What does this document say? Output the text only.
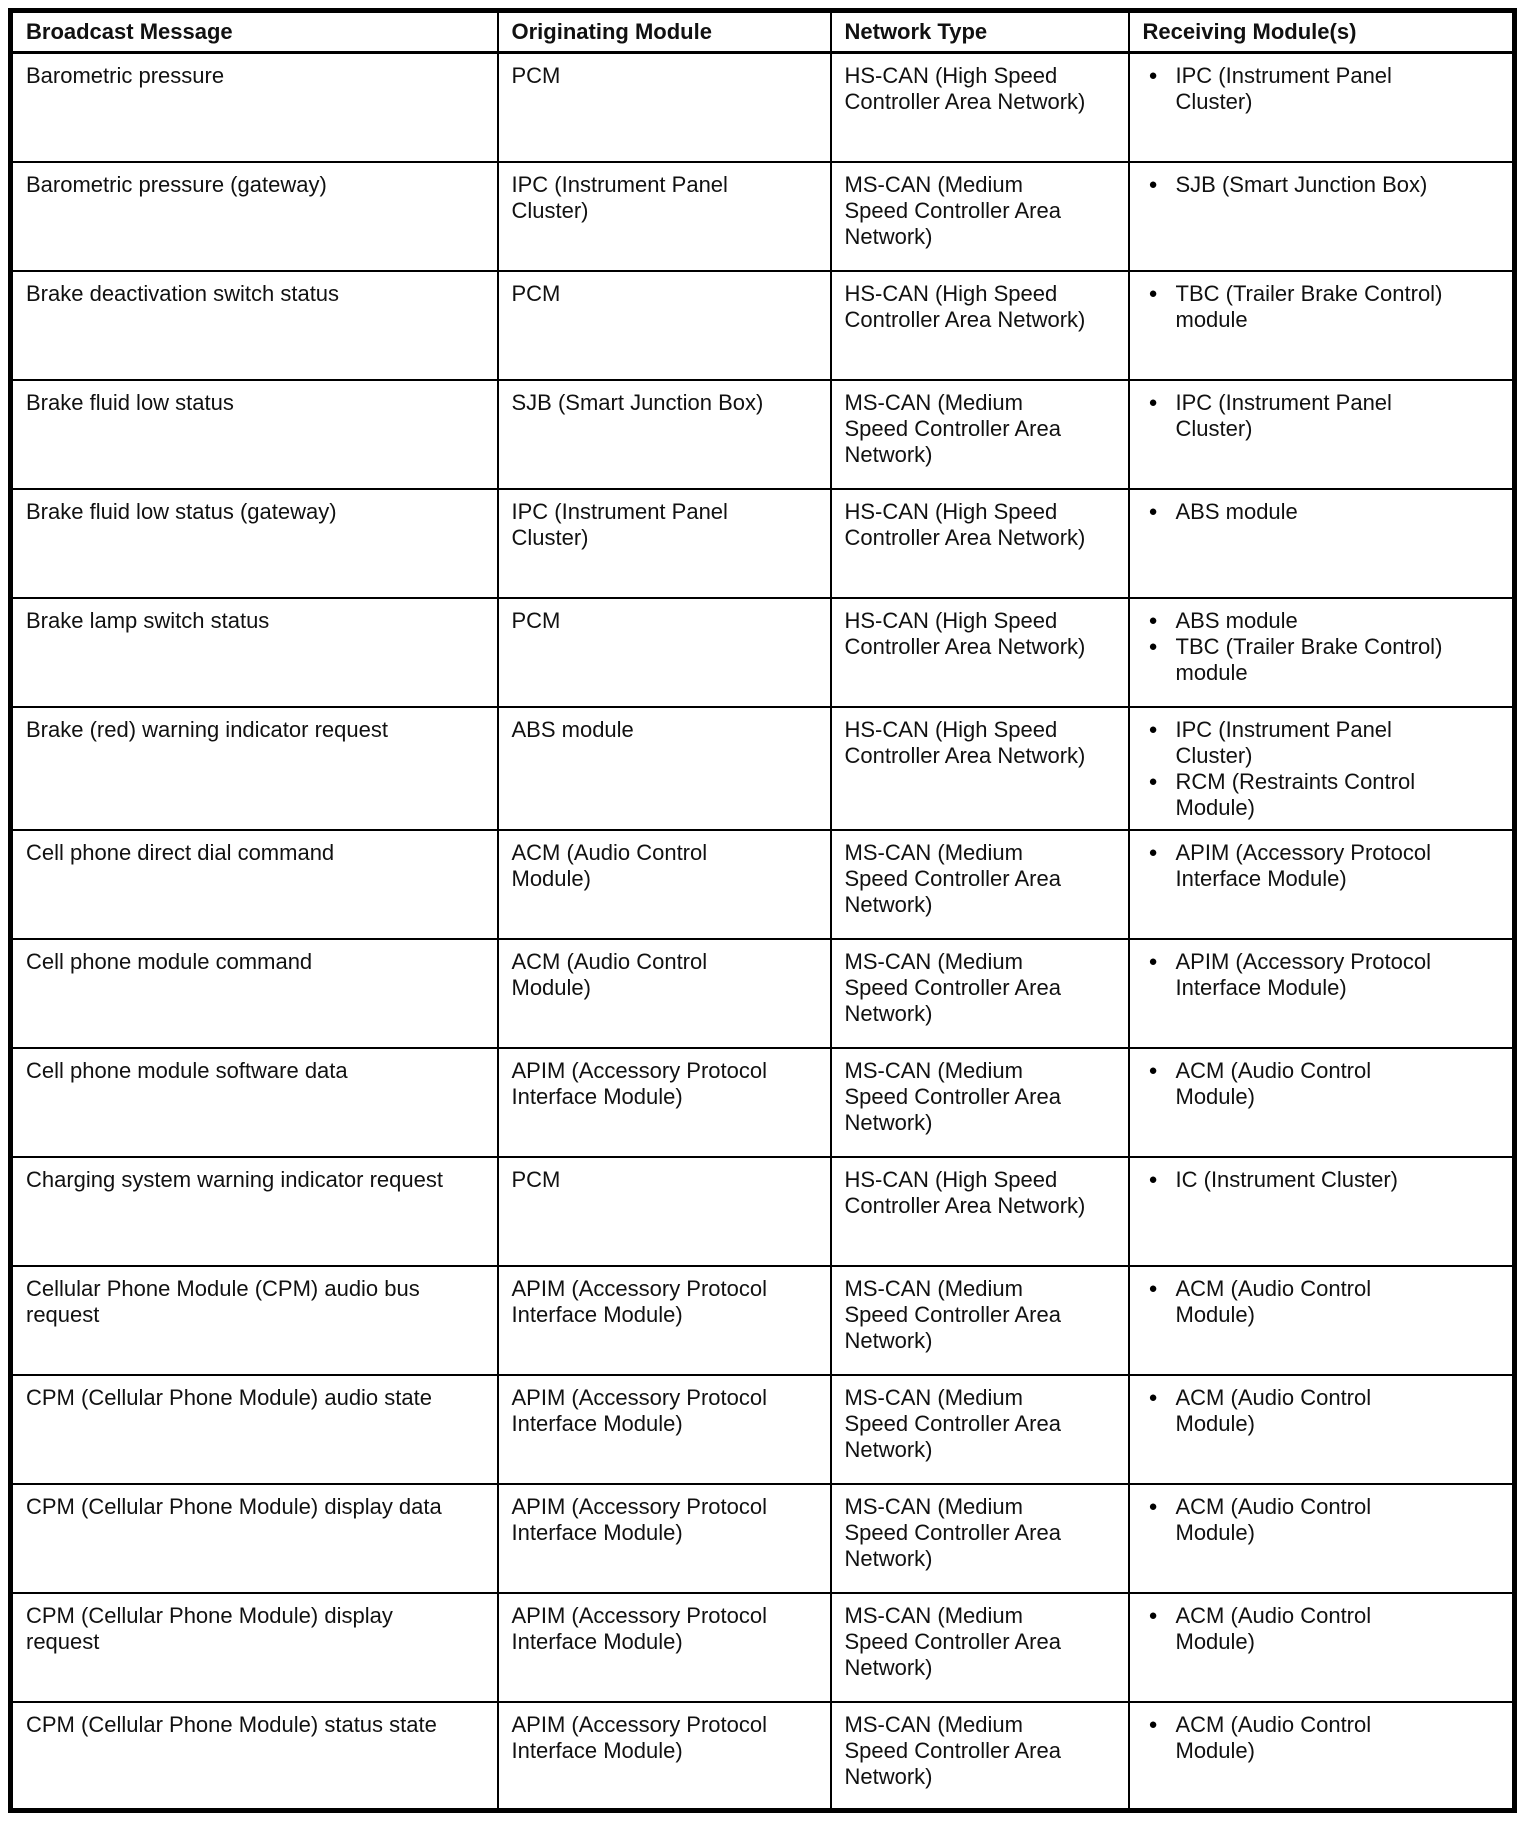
Broadcast Message	Originating Module	Network Type	Receiving Module(s)
Barometric pressure	PCM	HS-CAN (High Speed Controller Area Network)	
● IPC (Instrument Panel Cluster)

Barometric pressure (gateway)	IPC (Instrument Panel Cluster)	MS-CAN (Medium Speed Controller Area Network)	
● SJB (Smart Junction Box)

Brake deactivation switch status	PCM	HS-CAN (High Speed Controller Area Network)	
● TBC (Trailer Brake Control) module

Brake fluid low status	SJB (Smart Junction Box)	MS-CAN (Medium Speed Controller Area Network)	
● IPC (Instrument Panel Cluster)

Brake fluid low status (gateway)	IPC (Instrument Panel Cluster)	HS-CAN (High Speed Controller Area Network)	
● ABS module

Brake lamp switch status	PCM	HS-CAN (High Speed Controller Area Network)	
● ABS module
● TBC (Trailer Brake Control) module

Brake (red) warning indicator request	ABS module	HS-CAN (High Speed Controller Area Network)	
● IPC (Instrument Panel Cluster)
● RCM (Restraints Control Module)

Cell phone direct dial command	ACM (Audio Control Module)	MS-CAN (Medium Speed Controller Area Network)	
● APIM (Accessory Protocol Interface Module)

Cell phone module command	ACM (Audio Control Module)	MS-CAN (Medium Speed Controller Area Network)	
● APIM (Accessory Protocol Interface Module)

Cell phone module software data	APIM (Accessory Protocol Interface Module)	MS-CAN (Medium Speed Controller Area Network)	
● ACM (Audio Control Module)

Charging system warning indicator request	PCM	HS-CAN (High Speed Controller Area Network)	
● IC (Instrument Cluster)

Cellular Phone Module (CPM) audio bus request	APIM (Accessory Protocol Interface Module)	MS-CAN (Medium Speed Controller Area Network)	
● ACM (Audio Control Module)

CPM (Cellular Phone Module) audio state	APIM (Accessory Protocol Interface Module)	MS-CAN (Medium Speed Controller Area Network)	
● ACM (Audio Control Module)

CPM (Cellular Phone Module) display data	APIM (Accessory Protocol Interface Module)	MS-CAN (Medium Speed Controller Area Network)	
● ACM (Audio Control Module)

CPM (Cellular Phone Module) display request	APIM (Accessory Protocol Interface Module)	MS-CAN (Medium Speed Controller Area Network)	
● ACM (Audio Control Module)

CPM (Cellular Phone Module) status state	APIM (Accessory Protocol Interface Module)	MS-CAN (Medium Speed Controller Area Network)	
● ACM (Audio Control Module)
